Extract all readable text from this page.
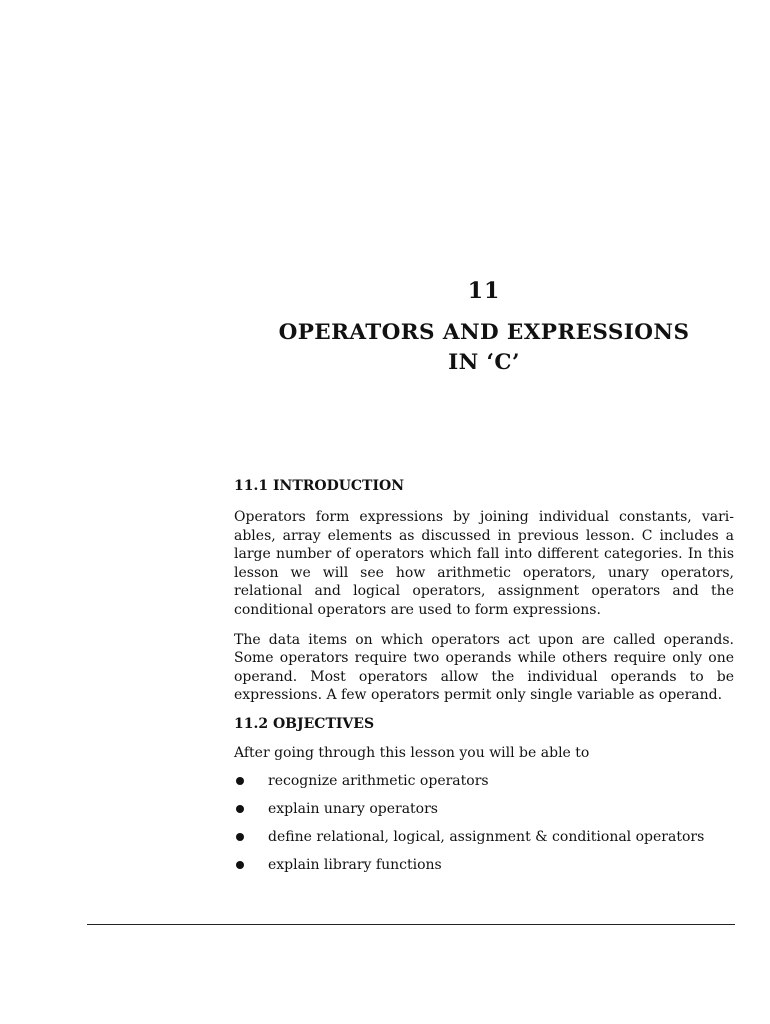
11
OPERATORS AND EXPRESSIONS
IN ‘C’
11.1 INTRODUCTION

Operators form expressions by joining individual constants, vari-ables, array elements as discussed in previous lesson. C includes a large number of operators which fall into different categories. In this lesson we will see how arithmetic operators, unary operators, relational and logical operators, assignment operators and the conditional operators are used to form expressions.

The data items on which operators act upon are called operands. Some operators require two operands while others require only one operand. Most operators allow the individual operands to be expressions. A few operators permit only single variable as operand.

11.2 OBJECTIVES

After going through this lesson you will be able to

recognize arithmetic operators
explain unary operators
define relational, logical, assignment & conditional operators
explain library functions
